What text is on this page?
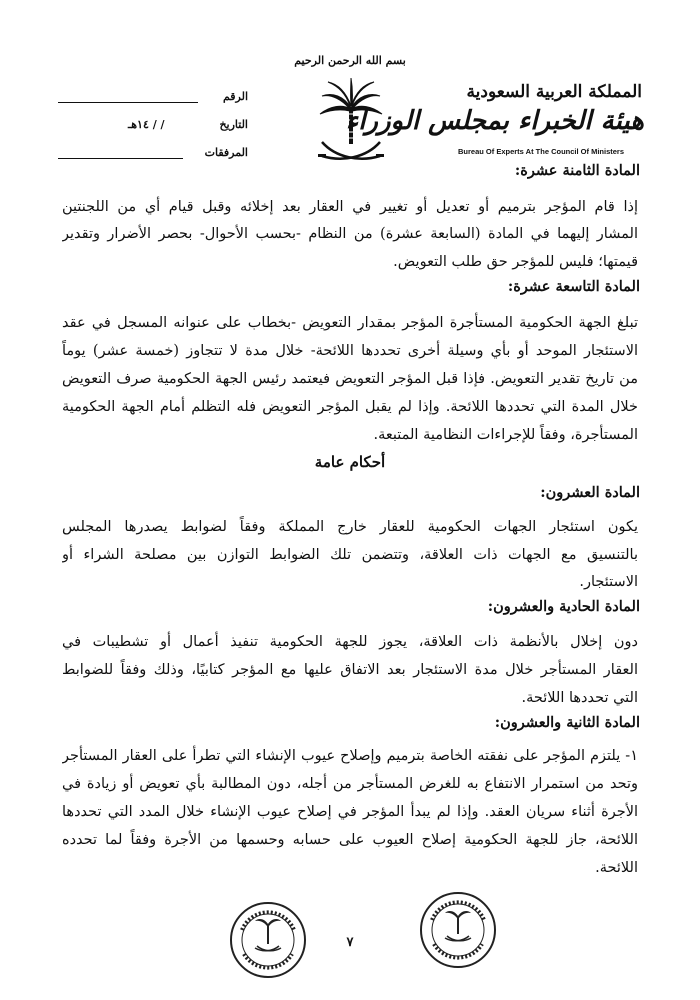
بسم الله الرحمن الرحيم
المملكة العربية السعودية
هيئة الخبراء بمجلس الوزراء
Bureau Of Experts At The Council Of Ministers
الرقم
التاريخ
/ / ١٤هـ
المرفقات
المادة الثامنة عشرة:
إذا قام المؤجر بترميم أو تعديل أو تغيير في العقار بعد إخلائه وقبل قيام أي من اللجنتين
المشار إليهما في المادة (السابعة عشرة) من النظام -بحسب الأحوال- بحصر الأضرار وتقدير
قيمتها؛ فليس للمؤجر حق طلب التعويض.
المادة التاسعة عشرة:
تبلغ الجهة الحكومية المستأجرة المؤجر بمقدار التعويض -بخطاب على عنوانه المسجل في عقد
الاستئجار الموحد أو بأي وسيلة أخرى تحددها اللائحة- خلال مدة لا تتجاوز (خمسة عشر) يوماً
من تاريخ تقدير التعويض. فإذا قبل المؤجر التعويض فيعتمد رئيس الجهة الحكومية صرف التعويض
خلال المدة التي تحددها اللائحة. وإذا لم يقبل المؤجر التعويض فله التظلم أمام الجهة الحكومية
المستأجرة، وفقاً للإجراءات النظامية المتبعة.
أحكام عامة
المادة العشرون:
يكون استئجار الجهات الحكومية للعقار خارج المملكة وفقاً لضوابط يصدرها المجلس
بالتنسيق مع الجهات ذات العلاقة، وتتضمن تلك الضوابط التوازن بين مصلحة الشراء أو
الاستئجار.
المادة الحادية والعشرون:
دون إخلال بالأنظمة ذات العلاقة، يجوز للجهة الحكومية تنفيذ أعمال أو تشطيبات في
العقار المستأجر خلال مدة الاستئجار بعد الاتفاق عليها مع المؤجر كتابيًا، وذلك وفقاً للضوابط
التي تحددها اللائحة.
المادة الثانية والعشرون:
١- يلتزم المؤجر على نفقته الخاصة بترميم وإصلاح عيوب الإنشاء التي تطرأ على العقار المستأجر
وتحد من استمرار الانتفاع به للغرض المستأجر من أجله، دون المطالبة بأي تعويض أو زيادة في
الأجرة أثناء سريان العقد. وإذا لم يبدأ المؤجر في إصلاح عيوب الإنشاء خلال المدد التي تحددها
اللائحة، جاز للجهة الحكومية إصلاح العيوب على حسابه وحسمها من الأجرة وفقاً لما تحدده
اللائحة.
٧
